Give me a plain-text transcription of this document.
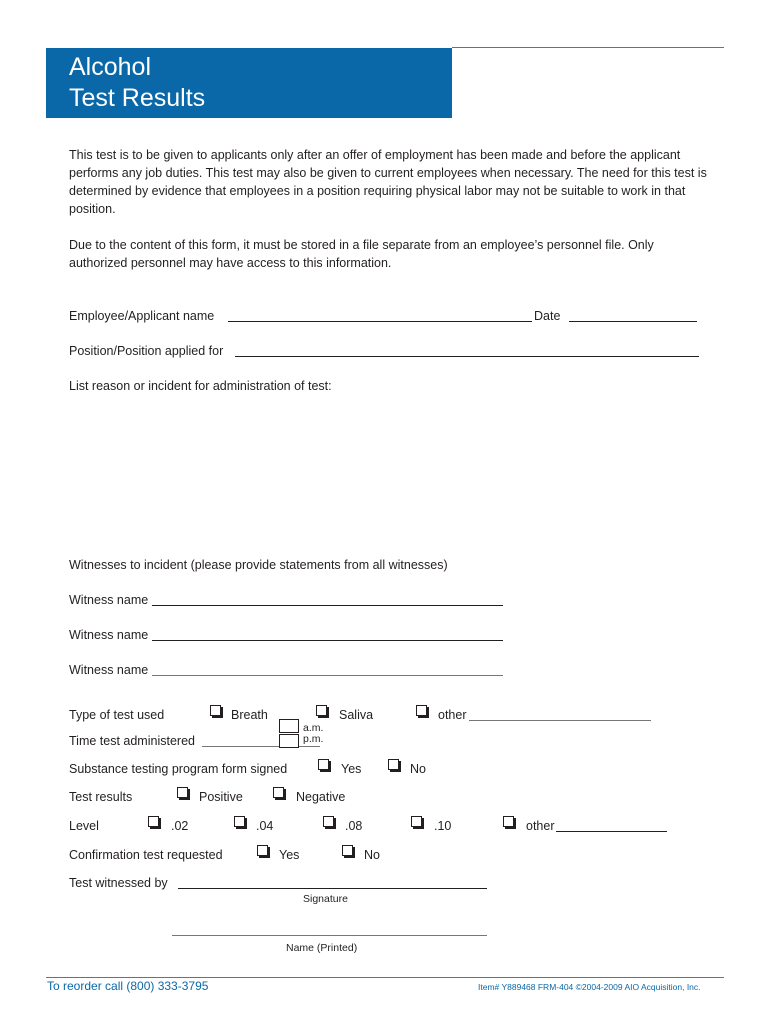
Alcohol
Test Results
This test is to be given to applicants only after an offer of employment has been made and before the applicant performs any job duties. This test may also be given to current employees when necessary. The need for this test is determined by evidence that employees in a position requiring physical labor may not be suitable to work in that position.
Due to the content of this form, it must be stored in a file separate from an employee’s personnel file. Only authorized personnel may have access to this information.
Employee/Applicant name	Date
Position/Position applied for
List reason or incident for administration of test:
Witnesses to incident (please provide statements from all witnesses)
Witness name
Witness name
Witness name
Type of test used	Breath	Saliva	other
Time test administered
a.m.
p.m.
Substance testing program form signed	Yes	No
Test results	Positive	Negative
Level	.02	.04	.08	.10	other
Confirmation test requested	Yes	No
Test witnessed by
Signature
Name (Printed)
To reorder call (800) 333-3795	Item# Y889468 FRM-404 ©2004-2009 AIO Acquisition, Inc.
